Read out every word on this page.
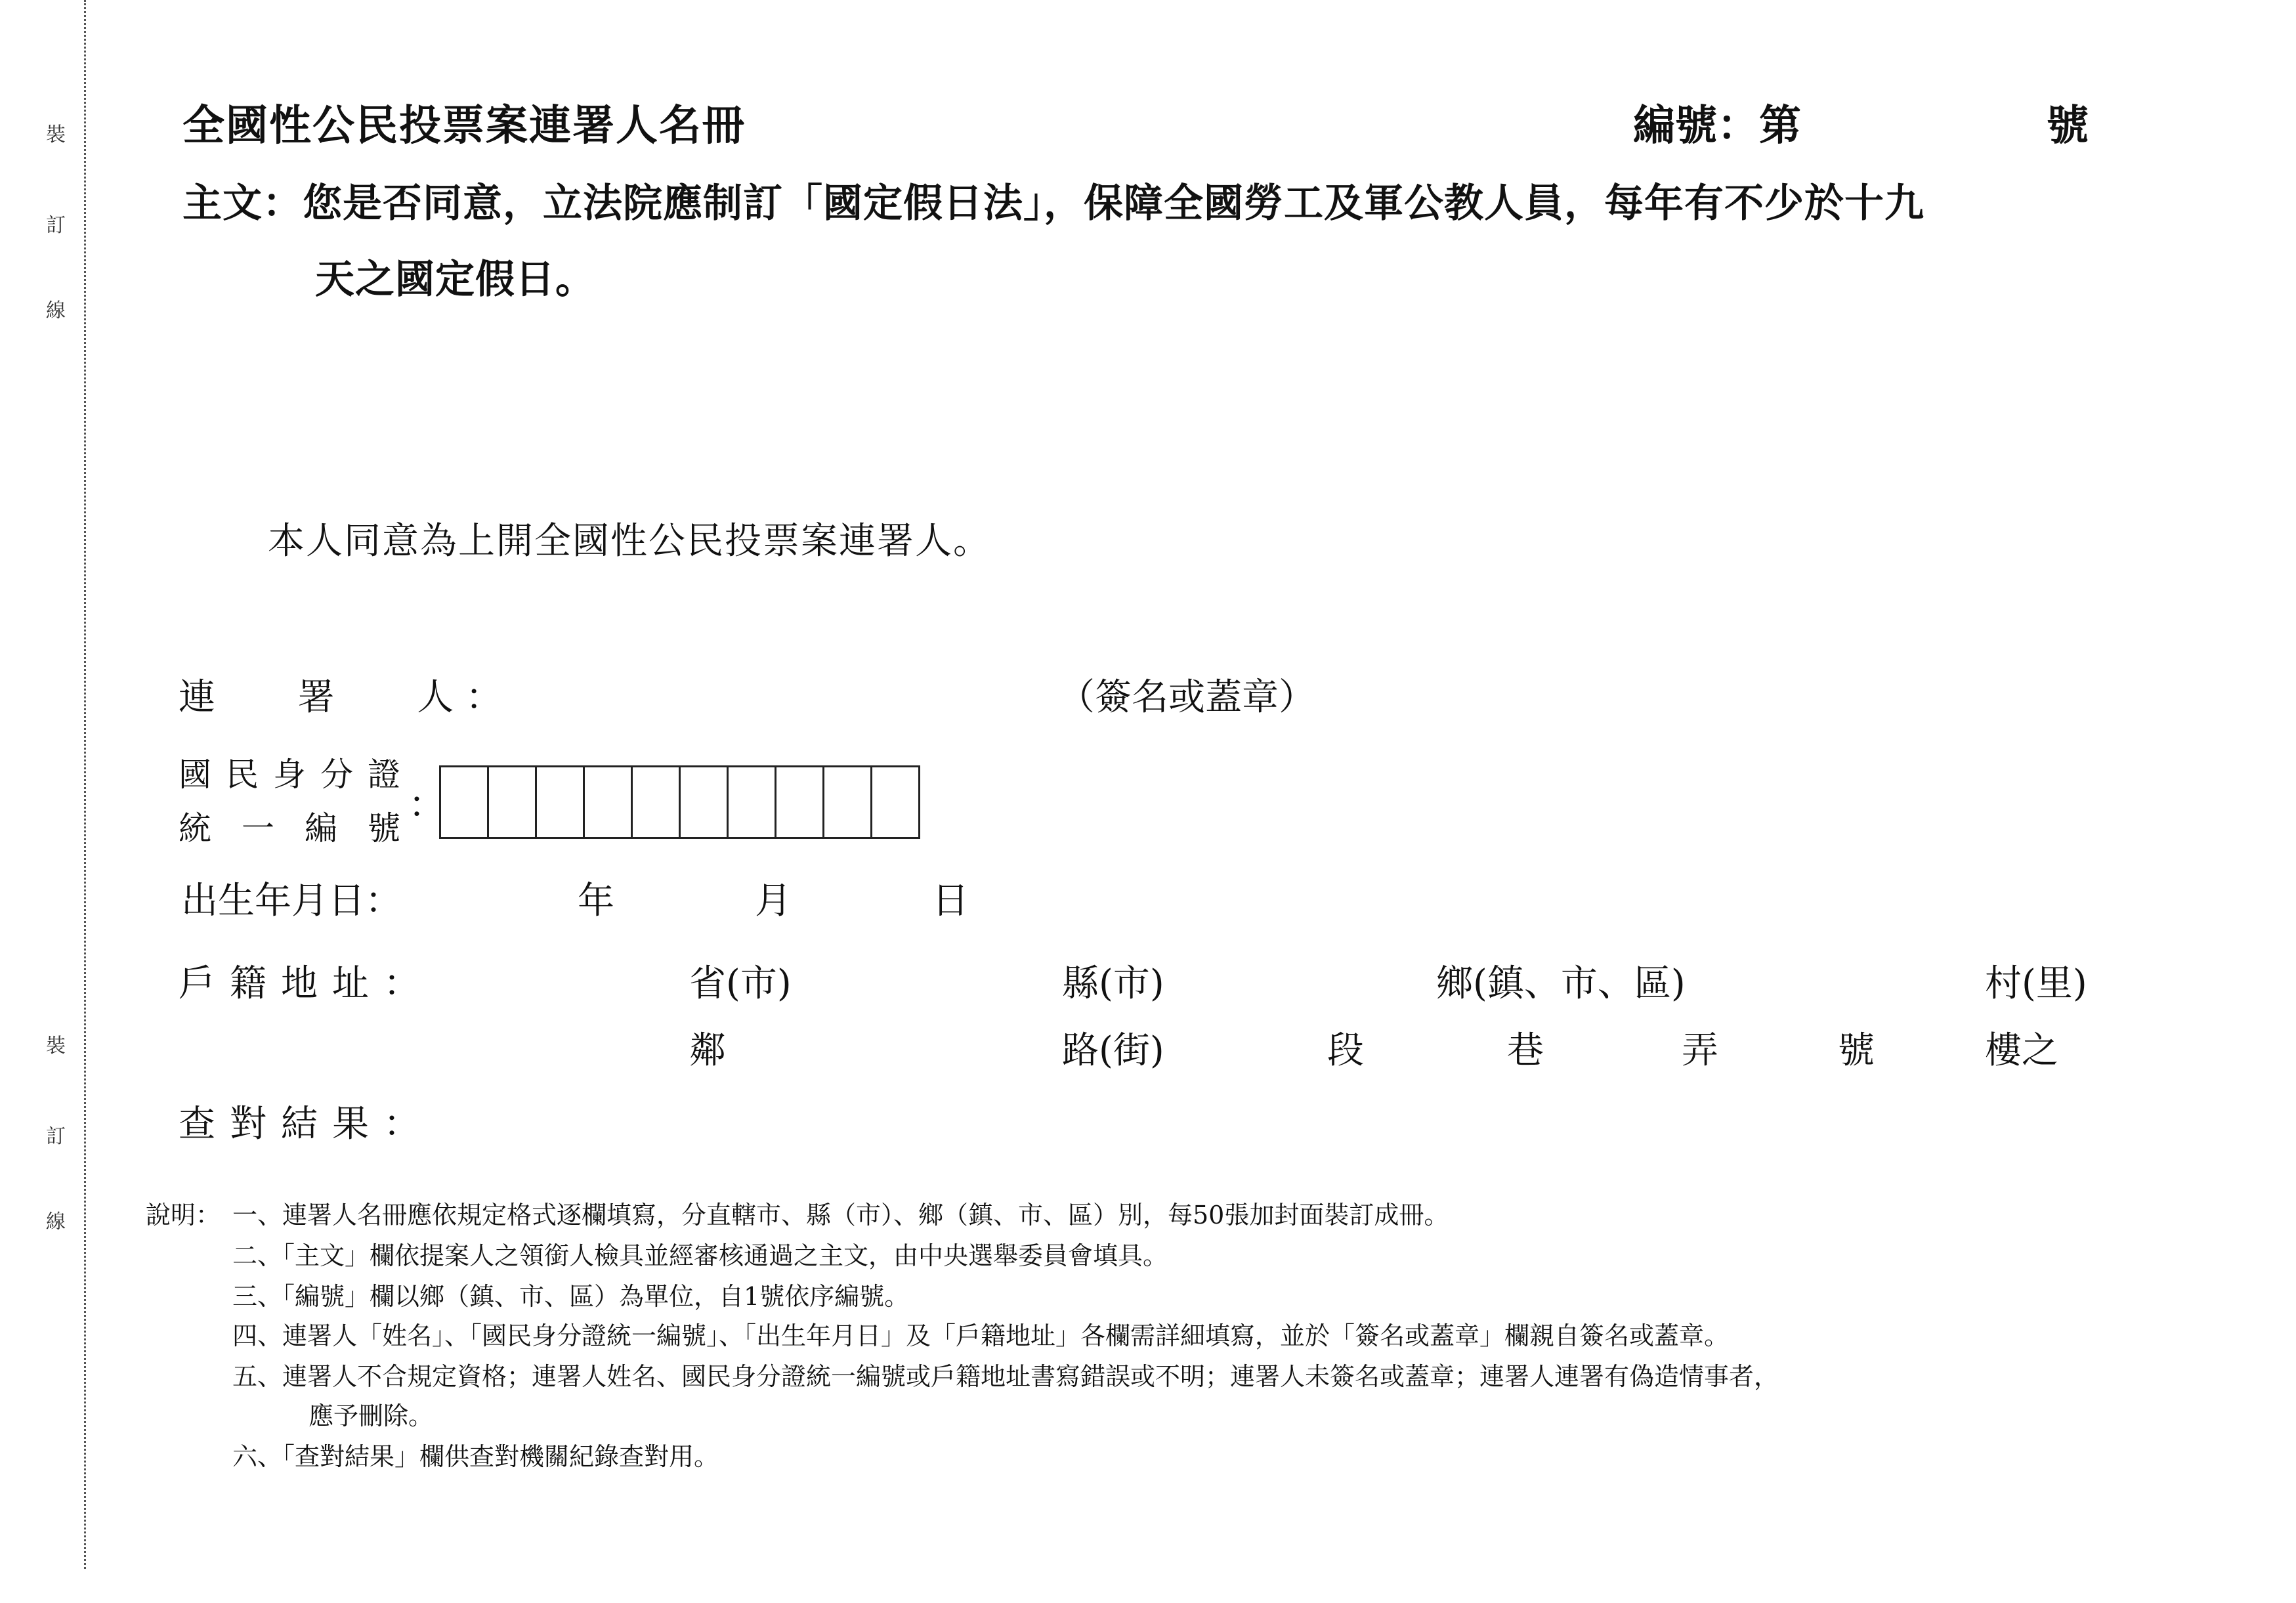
裝
訂
線
裝
訂
線
全國性公民投票案連署人名冊	編號：第	號
主文：您是否同意，立法院應制訂「國定假日法」，保障全國勞工及軍公教人員，每年有不少於十九
天之國定假日。
本人同意為上開全國性公民投票案連署人。
連 署 人 ：	（簽名或蓋章）
國民身分證
統一編號
：
出生年月日：	年	月	日
戶籍地址：	省(市)	縣(市)	鄉(鎮、市、區)	村(里)
鄰	路(街)	段	巷	弄	號	樓之
查對結果：
說明： 一、連署人名冊應依規定格式逐欄填寫，分直轄市、縣（市）、鄉（鎮、市、區）別，每50張加封面裝訂成冊。
二、「主文」欄依提案人之領銜人檢具並經審核通過之主文，由中央選舉委員會填具。
三、「編號」欄以鄉（鎮、市、區）為單位，自1號依序編號。
四、連署人「姓名」、「國民身分證統一編號」、「出生年月日」及「戶籍地址」各欄需詳細填寫，並於「簽名或蓋章」欄親自簽名或蓋章。
五、連署人不合規定資格；連署人姓名、國民身分證統一編號或戶籍地址書寫錯誤或不明；連署人未簽名或蓋章；連署人連署有偽造情事者，
應予刪除。
六、「查對結果」欄供查對機關紀錄查對用。
